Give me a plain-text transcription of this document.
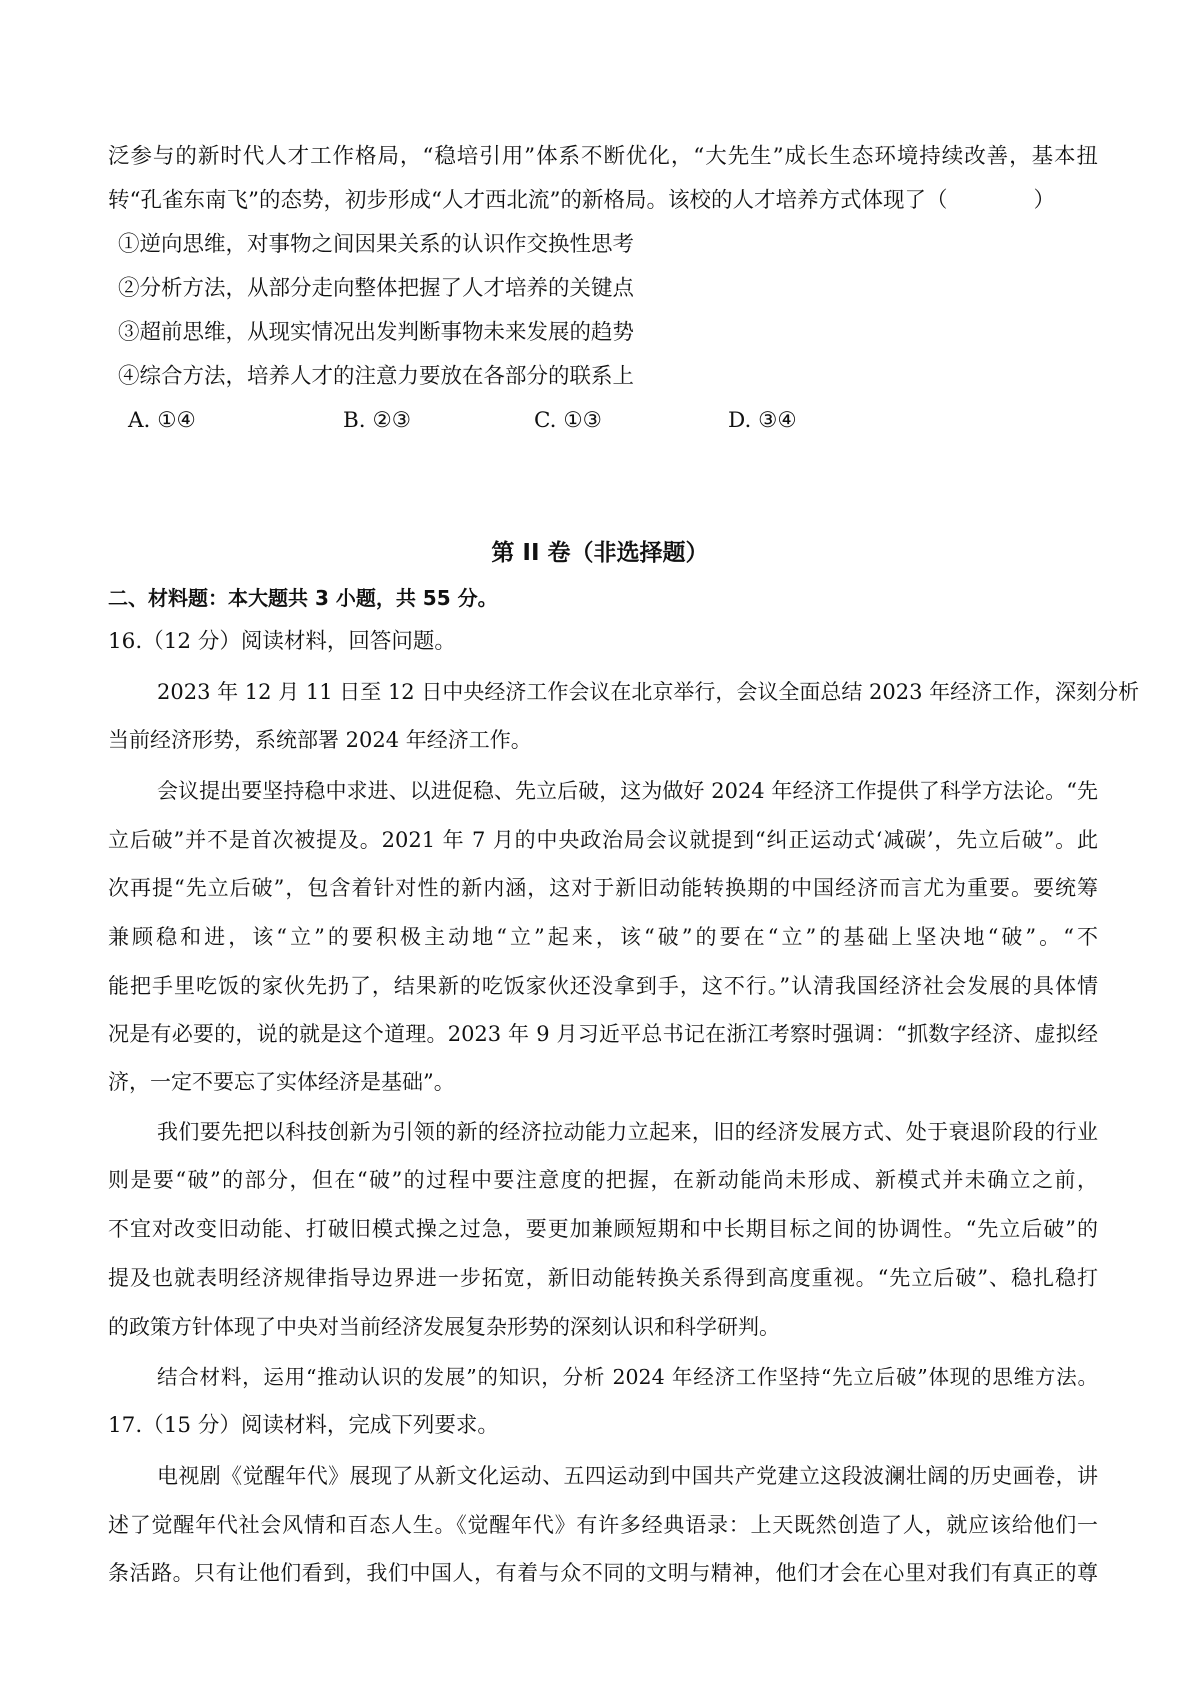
泛参与的新时代人才工作格局，“稳培引用”体系不断优化，“大先生”成长生态环境持续改善，基本扭
转“孔雀东南飞”的态势，初步形成“人才西北流”的新格局。该校的人才培养方式体现了（　　　　）
①逆向思维，对事物之间因果关系的认识作交换性思考
②分析方法，从部分走向整体把握了人才培养的关键点
③超前思维，从现实情况出发判断事物未来发展的趋势
④综合方法，培养人才的注意力要放在各部分的联系上
A. ①④	B. ②③	C. ①③	D. ③④
第 II 卷（非选择题）
二、材料题：本大题共 3 小题，共 55 分。
16.（12 分）阅读材料，回答问题。
2023 年 12 月 11 日至 12 日中央经济工作会议在北京举行，会议全面总结 2023 年经济工作，深刻分析
当前经济形势，系统部署 2024 年经济工作。
会议提出要坚持稳中求进、以进促稳、先立后破，这为做好 2024 年经济工作提供了科学方法论。“先
立后破”并不是首次被提及。2021 年 7 月的中央政治局会议就提到“纠正运动式‘减碳’，先立后破”。此
次再提“先立后破”，包含着针对性的新内涵，这对于新旧动能转换期的中国经济而言尤为重要。要统筹
兼顾稳和进，该“立”的要积极主动地“立”起来，该“破”的要在“立”的基础上坚决地“破”。“不
能把手里吃饭的家伙先扔了，结果新的吃饭家伙还没拿到手，这不行。”认清我国经济社会发展的具体情
况是有必要的，说的就是这个道理。2023 年 9 月习近平总书记在浙江考察时强调：“抓数字经济、虚拟经
济，一定不要忘了实体经济是基础”。
我们要先把以科技创新为引领的新的经济拉动能力立起来，旧的经济发展方式、处于衰退阶段的行业
则是要“破”的部分，但在“破”的过程中要注意度的把握，在新动能尚未形成、新模式并未确立之前，
不宜对改变旧动能、打破旧模式操之过急，要更加兼顾短期和中长期目标之间的协调性。“先立后破”的
提及也就表明经济规律指导边界进一步拓宽，新旧动能转换关系得到高度重视。“先立后破”、稳扎稳打
的政策方针体现了中央对当前经济发展复杂形势的深刻认识和科学研判。
结合材料，运用“推动认识的发展”的知识，分析 2024 年经济工作坚持“先立后破”体现的思维方法。
17.（15 分）阅读材料，完成下列要求。
电视剧《觉醒年代》展现了从新文化运动、五四运动到中国共产党建立这段波澜壮阔的历史画卷，讲
述了觉醒年代社会风情和百态人生。《觉醒年代》有许多经典语录：上天既然创造了人，就应该给他们一
条活路。只有让他们看到，我们中国人，有着与众不同的文明与精神，他们才会在心里对我们有真正的尊
